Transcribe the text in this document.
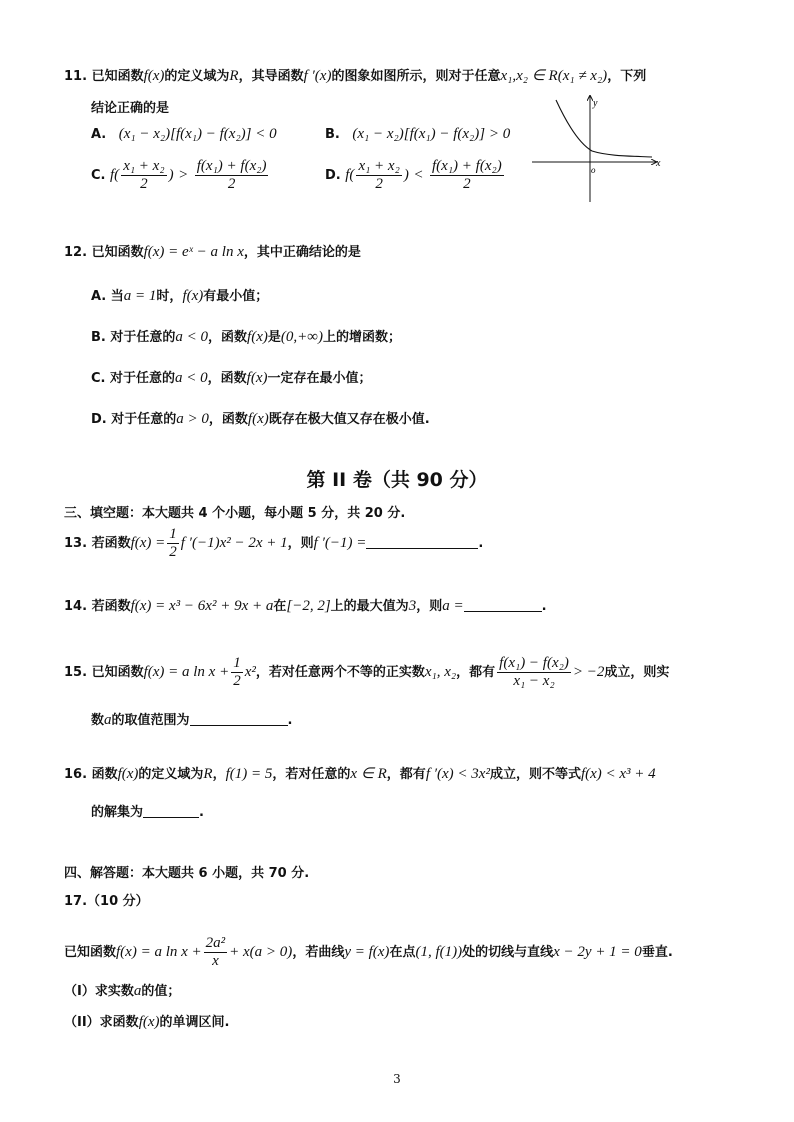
11. 已知函数f(x)的定义域为R，其导函数f ′(x)的图象如图所示，则对于任意x₁,x₂ ∈ R(x₁ ≠ x₂)，下列
结论正确的是
A. (x₁ − x₂)[f(x₁) − f(x₂)] < 0	B. (x₁ − x₂)[f(x₁) − f(x₂)] > 0
C. $f( \frac{\text{x₁ + x₂}}{2}$ ) > $\frac{\text{f(x₁) + f(x₂)}}{2}$	D. $f( \frac{\text{x₁ + x₂}}{2}$ ) < $\frac{\text{f(x₁) + f(x₂)}}{2}$	x
y
o
12. 已知函数f(x) = eˣ − a ln x，其中正确结论的是
A. 当a = 1时，f(x)有最小值；
B. 对于任意的a < 0，函数f(x)是(0,+∞)上的增函数；
C. 对于任意的a < 0，函数f(x)一定存在最小值；
D. 对于任意的a > 0，函数f(x)既存在极大值又存在极小值.
第 II 卷（共 90 分）
三、填空题：本大题共 4 个小题，每小题 5 分，共 20 分.
13. 若函数$f(x) = \frac{1}{2}$ f ′(−1)x² − 2x + 1，则f ′(−1) =	.
14. 若函数f(x) = x³ − 6x² + 9x + a在[−2, 2]上的最大值为3，则a =	.
15. 已知函数f(x) = a $\ln x + \frac{1}{2} x^2$，若对任意两个不等的正实数x₁, x₂，都有 $\frac{\text{f(x₁) − f(x₂)}}{\text{x₁ − x₂}} > -2$成立，则实
数a的取值范围为	.
16. 函数f(x)的定义域为R，f(1) = 5，若对任意的x ∈ R，都有f ′(x) < 3x²成立，则不等式f(x) < x³ + 4
的解集为	.
四、解答题：本大题共 6 小题，共 70 分.
17.（10 分）
已知函数f(x) = a $\ln x + \frac{\text{2a²}}{x} + x(a > 0)$，若曲线y = f(x)在点(1, f(1))处的切线与直线x − 2y + 1 = 0垂直.
（I）求实数a的值；
（II）求函数f(x)的单调区间.
3
